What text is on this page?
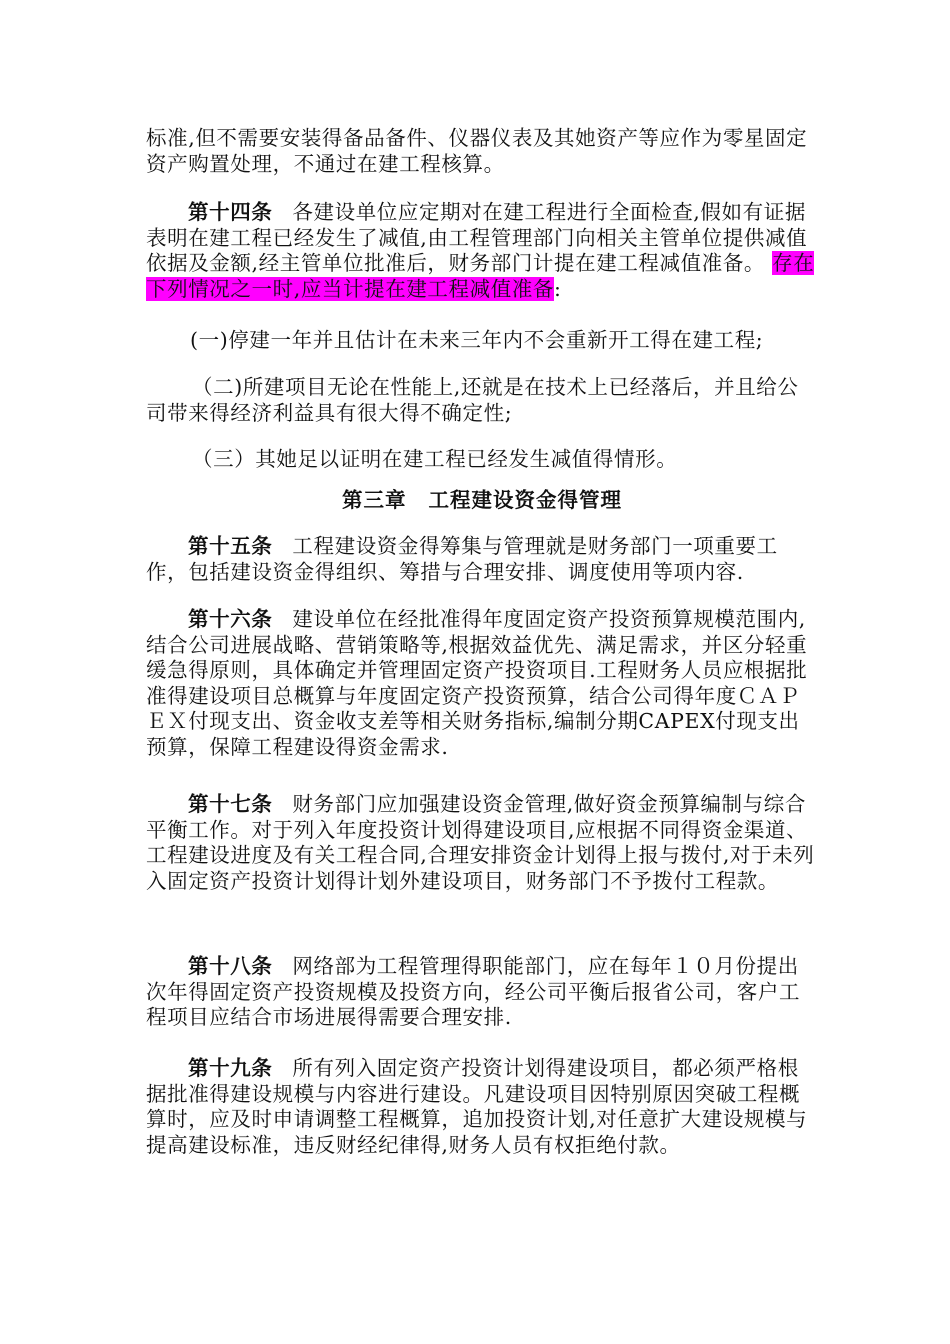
标准,但不需要安装得备品备件、仪器仪表及其她资产等应作为零星固定资产购置处理，不通过在建工程核算。

第十四条 各建设单位应定期对在建工程进行全面检查,假如有证据表明在建工程已经发生了减值,由工程管理部门向相关主管单位提供减值依据及金额,经主管单位批准后，财务部门计提在建工程减值准备。 存在下列情况之一时,应当计提在建工程减值准备:

(一)停建一年并且估计在未来三年内不会重新开工得在建工程;

（二)所建项目无论在性能上,还就是在技术上已经落后，并且给公司带来得经济利益具有很大得不确定性;

（三）其她足以证明在建工程已经发生减值得情形。

第三章 工程建设资金得管理

第十五条 工程建设资金得筹集与管理就是财务部门一项重要工作，包括建设资金得组织、筹措与合理安排、调度使用等项内容.

第十六条 建设单位在经批准得年度固定资产投资预算规模范围内,结合公司进展战略、营销策略等,根据效益优先、满足需求，并区分轻重缓急得原则，具体确定并管理固定资产投资项目.工程财务人员应根据批准得建设项目总概算与年度固定资产投资预算，结合公司得年度ＣＡＰＥＸ付现支出、资金收支差等相关财务指标,编制分期CAPEX付现支出预算，保障工程建设得资金需求.

第十七条 财务部门应加强建设资金管理,做好资金预算编制与综合平衡工作。对于列入年度投资计划得建设项目,应根据不同得资金渠道、工程建设进度及有关工程合同,合理安排资金计划得上报与拨付,对于未列入固定资产投资计划得计划外建设项目，财务部门不予拨付工程款。

第十八条 网络部为工程管理得职能部门，应在每年１０月份提出次年得固定资产投资规模及投资方向，经公司平衡后报省公司，客户工程项目应结合市场进展得需要合理安排.

第十九条 所有列入固定资产投资计划得建设项目，都必须严格根据批准得建设规模与内容进行建设。凡建设项目因特别原因突破工程概算时，应及时申请调整工程概算，追加投资计划,对任意扩大建设规模与提高建设标准，违反财经纪律得,财务人员有权拒绝付款。
